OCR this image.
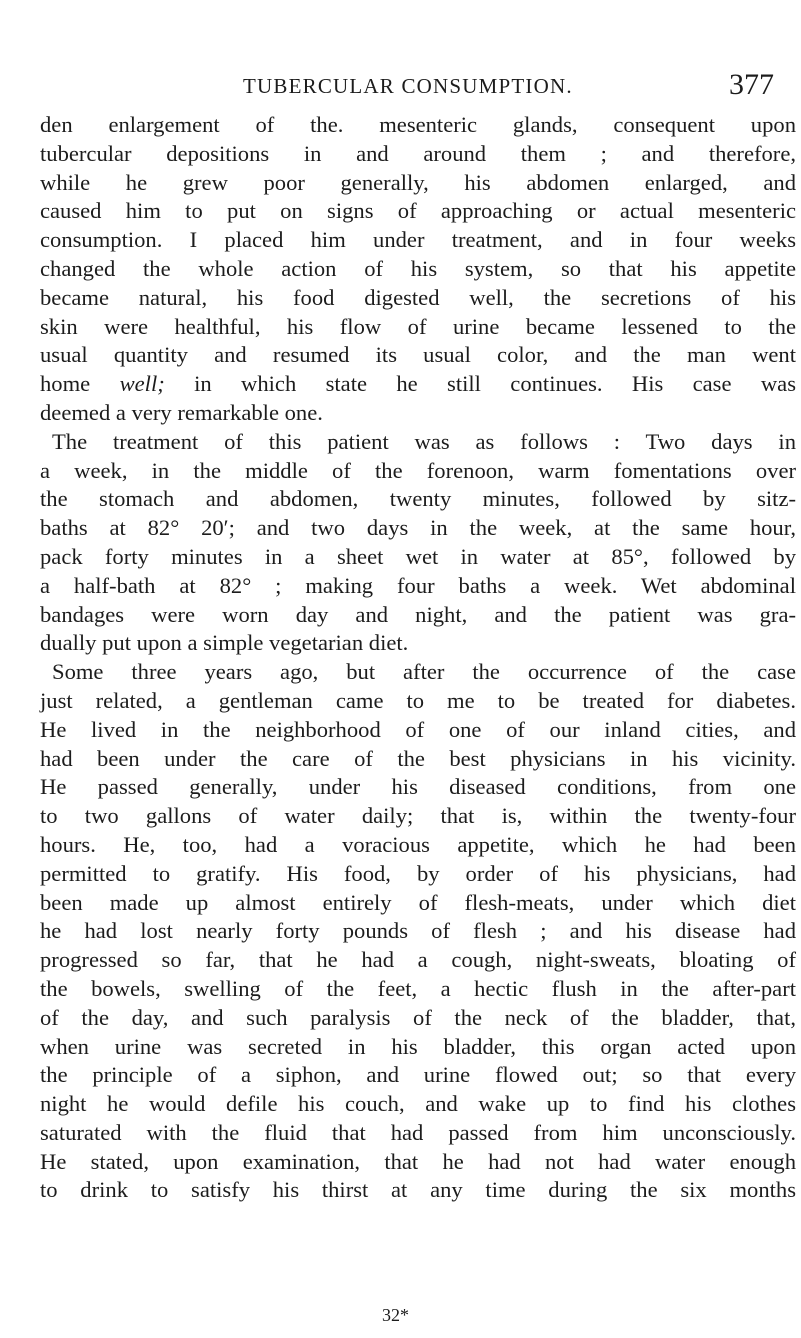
TUBERCULAR CONSUMPTION.	377
den enlargement of the. mesenteric glands, consequent upon
tubercular depositions in and around them ; and therefore,
while he grew poor generally, his abdomen enlarged, and
caused him to put on signs of approaching or actual mesenteric
consumption. I placed him under treatment, and in four weeks
changed the whole action of his system, so that his appetite
became natural, his food digested well, the secretions of his
skin were healthful, his flow of urine became lessened to the
usual quantity and resumed its usual color, and the man went
home well; in which state he still continues. His case was
deemed a very remarkable one.
The treatment of this patient was as follows : Two days in
a week, in the middle of the forenoon, warm fomentations over
the stomach and abdomen, twenty minutes, followed by sitz-
baths at 82° 20′; and two days in the week, at the same hour,
pack forty minutes in a sheet wet in water at 85°, followed by
a half-bath at 82° ; making four baths a week. Wet abdominal
bandages were worn day and night, and the patient was gra-
dually put upon a simple vegetarian diet.
Some three years ago, but after the occurrence of the case
just related, a gentleman came to me to be treated for diabetes.
He lived in the neighborhood of one of our inland cities, and
had been under the care of the best physicians in his vicinity.
He passed generally, under his diseased conditions, from one
to two gallons of water daily; that is, within the twenty-four
hours. He, too, had a voracious appetite, which he had been
permitted to gratify. His food, by order of his physicians, had
been made up almost entirely of flesh-meats, under which diet
he had lost nearly forty pounds of flesh ; and his disease had
progressed so far, that he had a cough, night-sweats, bloating of
the bowels, swelling of the feet, a hectic flush in the after-part
of the day, and such paralysis of the neck of the bladder, that,
when urine was secreted in his bladder, this organ acted upon
the principle of a siphon, and urine flowed out; so that every
night he would defile his couch, and wake up to find his clothes
saturated with the fluid that had passed from him unconsciously.
He stated, upon examination, that he had not had water enough
to drink to satisfy his thirst at any time during the six months
32*
